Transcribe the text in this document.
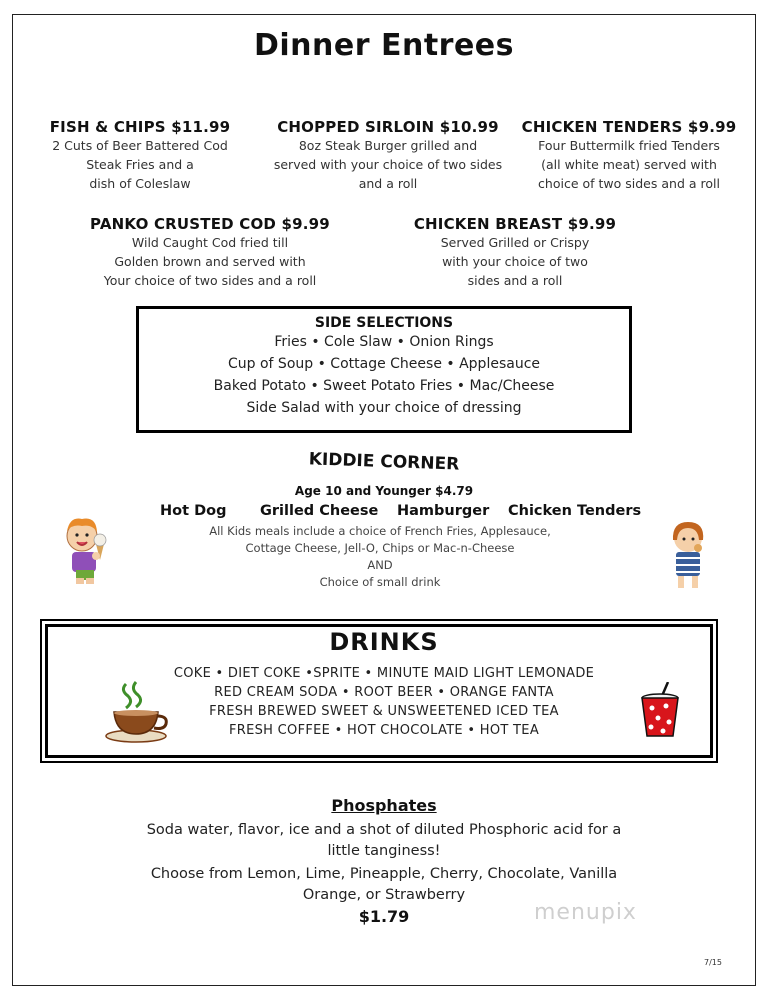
Dinner Entrees
FISH & CHIPS $11.99
2 Cuts of Beer Battered Cod
Steak Fries and a
dish of Coleslaw
CHOPPED SIRLOIN $10.99
8oz Steak Burger grilled and
served with your choice of two sides
and a roll
CHICKEN TENDERS $9.99
Four Buttermilk fried Tenders
(all white meat) served with
choice of two sides and a roll
PANKO CRUSTED COD $9.99
Wild Caught Cod fried till
Golden brown and served with
Your choice of two sides and a roll
CHICKEN BREAST $9.99
Served Grilled or Crispy
with your choice of two
sides and a roll
SIDE SELECTIONS
Fries • Cole Slaw • Onion Rings
Cup of Soup • Cottage Cheese • Applesauce
Baked Potato • Sweet Potato Fries • Mac/Cheese
Side Salad with your choice of dressing
KIDDIE CORNER
Age 10 and Younger $4.79
Hot Dog Grilled Cheese Hamburger Chicken Tenders
All Kids meals include a choice of French Fries, Applesauce,
Cottage Cheese, Jell-O, Chips or Mac-n-Cheese
AND
Choice of small drink
DRINKS
COKE • DIET COKE •SPRITE • MINUTE MAID LIGHT LEMONADE
RED CREAM SODA • ROOT BEER • ORANGE FANTA
FRESH BREWED SWEET & UNSWEETENED ICED TEA
FRESH COFFEE • HOT CHOCOLATE • HOT TEA
Phosphates
Soda water, flavor, ice and a shot of diluted Phosphoric acid for a
little tanginess!
Choose from Lemon, Lime, Pineapple, Cherry, Chocolate, Vanilla
Orange, or Strawberry
$1.79	menupix
7/15
